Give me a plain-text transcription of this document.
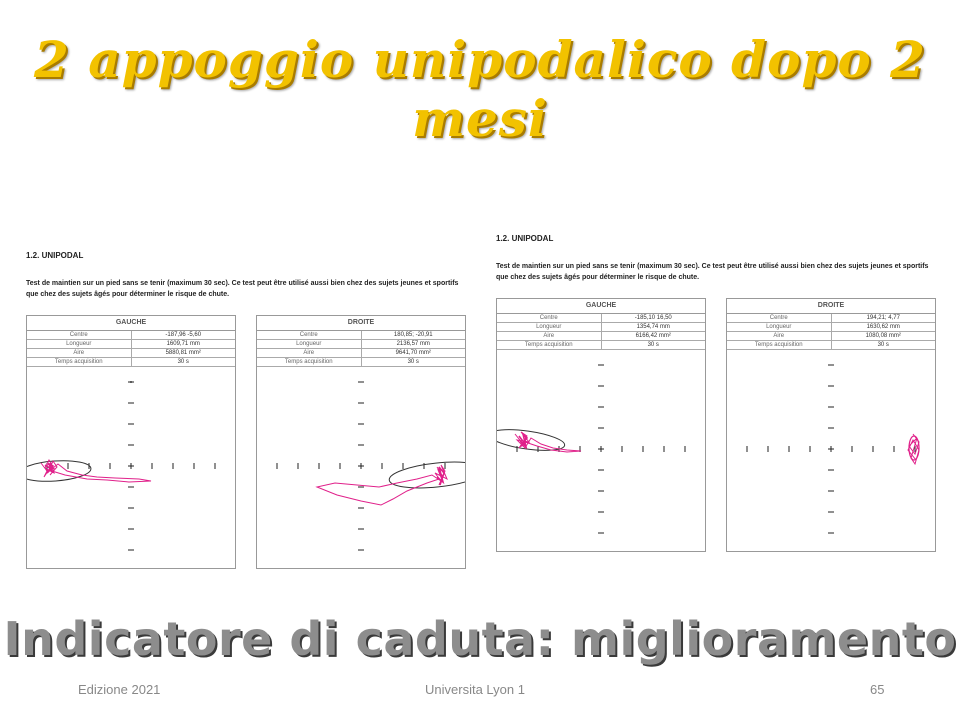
2 appoggio unipodalico dopo 2 mesi
1.2. UNIPODAL
Test de maintien sur un pied sans se tenir (maximum 30 sec). Ce test peut être utilisé aussi bien chez des sujets jeunes et sportifs
que chez des sujets âgés pour déterminer le risque de chute.
GAUCHE
Centre	-187,96 -5,60
Longueur	1609,71 mm
Aire	5880,81 mm²
Temps acquisition	30 s
DROITE
Centre	180,85; -20,91
Longueur	2136,57 mm
Aire	9641,70 mm²
Temps acquisition	30 s
1.2. UNIPODAL
Test de maintien sur un pied sans se tenir (maximum 30 sec). Ce test peut être utilisé aussi bien chez des sujets jeunes et sportifs
que chez des sujets âgés pour déterminer le risque de chute.
GAUCHE
Centre	-185,10 16,50
Longueur	1354,74 mm
Aire	6166,42 mm²
Temps acquisition	30 s
DROITE
Centre	194,21; 4,77
Longueur	1630,62 mm
Aire	1080,08 mm²
Temps acquisition	30 s
Indicatore di caduta: miglioramento
Edizione 2021	Universita Lyon 1	65
